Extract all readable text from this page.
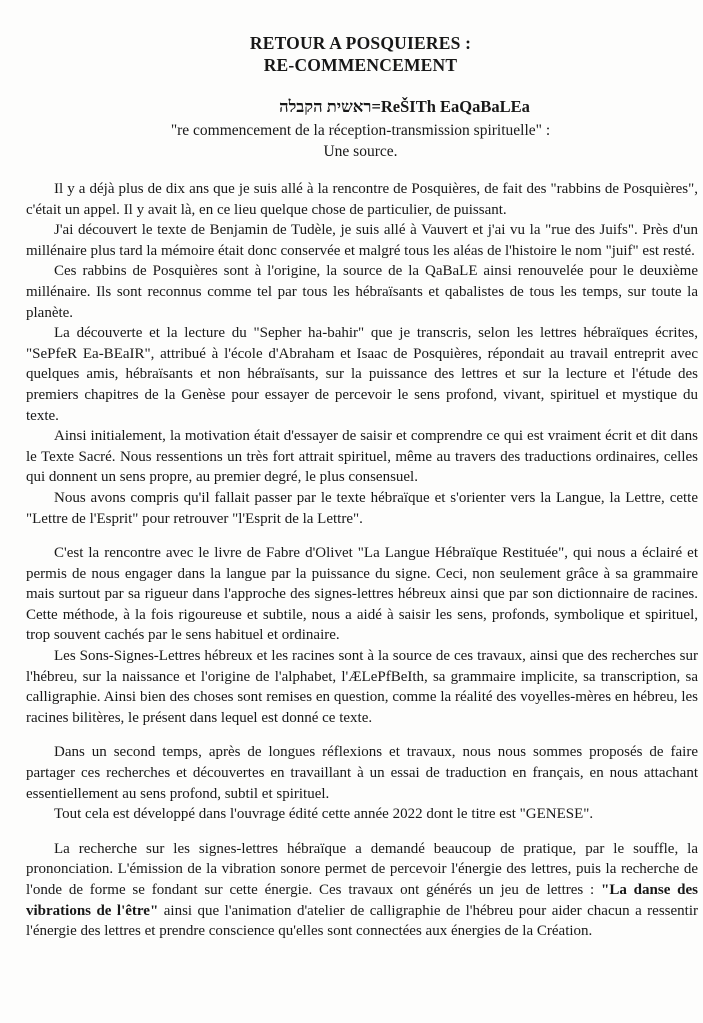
RETOUR A POSQUIERES :
RE-COMMENCEMENT
ראשית הקבלה=ReŠITh EaQaBaLEa
"re commencement de la réception-transmission spirituelle" :
Une source.

Il y a déjà plus de dix ans que je suis allé à la rencontre de Posquières, de fait des "rabbins de Posquières", c'était un appel. Il y avait là, en ce lieu quelque chose de particulier, de puissant.

J'ai découvert le texte de Benjamin de Tudèle, je suis allé à Vauvert et j'ai vu la "rue des Juifs". Près d'un millénaire plus tard la mémoire était donc conservée et malgré tous les aléas de l'histoire le nom "juif" est resté.

Ces rabbins de Posquières sont à l'origine, la source de la QaBaLE ainsi renouvelée pour le deuxième millénaire. Ils sont reconnus comme tel par tous les hébraïsants et qabalistes de tous les temps, sur toute la planète.

La découverte et la lecture du "Sepher ha-bahir" que je transcris, selon les lettres hébraïques écrites, "SePfeR Ea-BEaIR", attribué à l'école d'Abraham et Isaac de Posquières, répondait au travail entreprit avec quelques amis, hébraïsants et non hébraïsants, sur la puissance des lettres et sur la lecture et l'étude des premiers chapitres de la Genèse pour essayer de percevoir le sens profond, vivant, spirituel et mystique du texte.

Ainsi initialement, la motivation était d'essayer de saisir et comprendre ce qui est vraiment écrit et dit dans le Texte Sacré. Nous ressentions un très fort attrait spirituel, même au travers des traductions ordinaires, celles qui donnent un sens propre, au premier degré, le plus consensuel.

Nous avons compris qu'il fallait passer par le texte hébraïque et s'orienter vers la Langue, la Lettre, cette "Lettre de l'Esprit" pour retrouver "l'Esprit de la Lettre".

C'est la rencontre avec le livre de Fabre d'Olivet "La Langue Hébraïque Restituée", qui nous a éclairé et permis de nous engager dans la langue par la puissance du signe. Ceci, non seulement grâce à sa grammaire mais surtout par sa rigueur dans l'approche des signes-lettres hébreux ainsi que par son dictionnaire de racines. Cette méthode, à la fois rigoureuse et subtile, nous a aidé à saisir les sens, profonds, symbolique et spirituel, trop souvent cachés par le sens habituel et ordinaire.

Les Sons-Signes-Lettres hébreux et les racines sont à la source de ces travaux, ainsi que des recherches sur l'hébreu, sur la naissance et l'origine de l'alphabet, l'ÆLePfBeIth, sa grammaire implicite, sa transcription, sa calligraphie. Ainsi bien des choses sont remises en question, comme la réalité des voyelles-mères en hébreu, les racines bilitères, le présent dans lequel est donné ce texte.

Dans un second temps, après de longues réflexions et travaux, nous nous sommes proposés de faire partager ces recherches et découvertes en travaillant à un essai de traduction en français, en nous attachant essentiellement au sens profond, subtil et spirituel.

Tout cela est développé dans l'ouvrage édité cette année 2022 dont le titre est "GENESE".

La recherche sur les signes-lettres hébraïque a demandé beaucoup de pratique, par le souffle, la prononciation. L'émission de la vibration sonore permet de percevoir l'énergie des lettres, puis la recherche de l'onde de forme se fondant sur cette énergie. Ces travaux ont générés un jeu de lettres : "La danse des vibrations de l'être" ainsi que l'animation d'atelier de calligraphie de l'hébreu pour aider chacun a ressentir l'énergie des lettres et prendre conscience qu'elles sont connectées aux énergies de la Création.
